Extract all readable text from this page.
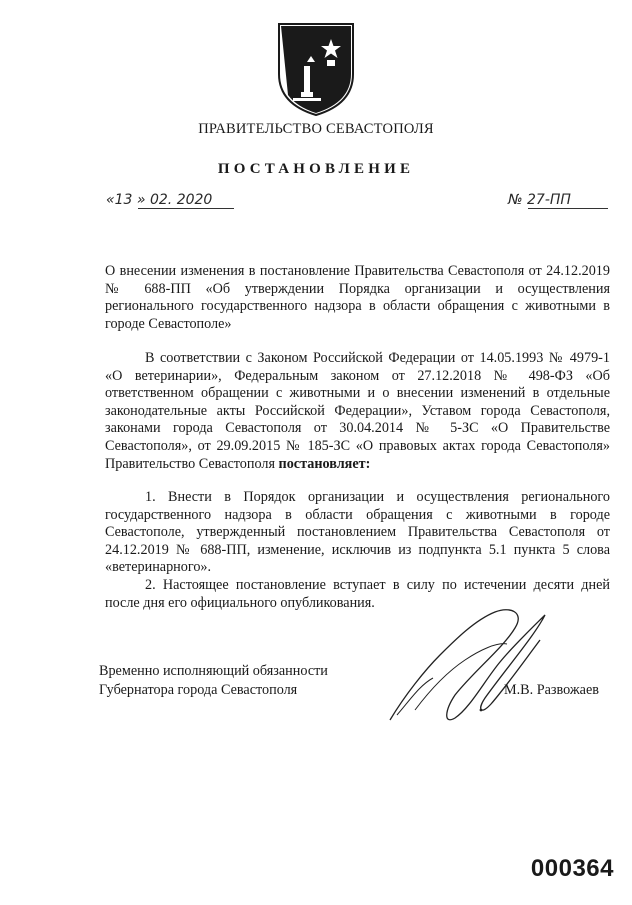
ПРАВИТЕЛЬСТВО СЕВАСТОПОЛЯ
ПОСТАНОВЛЕНИЕ
«13 » 02. 2020	№ 27-ПП
О внесении изменения в постановление Правительства Севастополя от 24.12.2019 № 688-ПП «Об утверждении Порядка организации и осуществления регионального государственного надзора в области обращения с животными в городе Севастополе»
В соответствии с Законом Российской Федерации от 14.05.1993 № 4979-1 «О ветеринарии», Федеральным законом от 27.12.2018 № 498-ФЗ «Об ответственном обращении с животными и о внесении изменений в отдельные законодательные акты Российской Федерации», Уставом города Севастополя, законами города Севастополя от 30.04.2014 № 5-ЗС «О Правительстве Севастополя», от 29.09.2015 № 185-ЗС «О правовых актах города Севастополя» Правительство Севастополя постановляет:
1. Внести в Порядок организации и осуществления регионального государственного надзора в области обращения с животными в городе Севастополе, утвержденный постановлением Правительства Севастополя от 24.12.2019 № 688-ПП, изменение, исключив из подпункта 5.1 пункта 5 слова «ветеринарного».
2. Настоящее постановление вступает в силу по истечении десяти дней после дня его официального опубликования.
Временно исполняющий обязанности
Губернатора города Севастополя	М.В. Развожаев
000364
